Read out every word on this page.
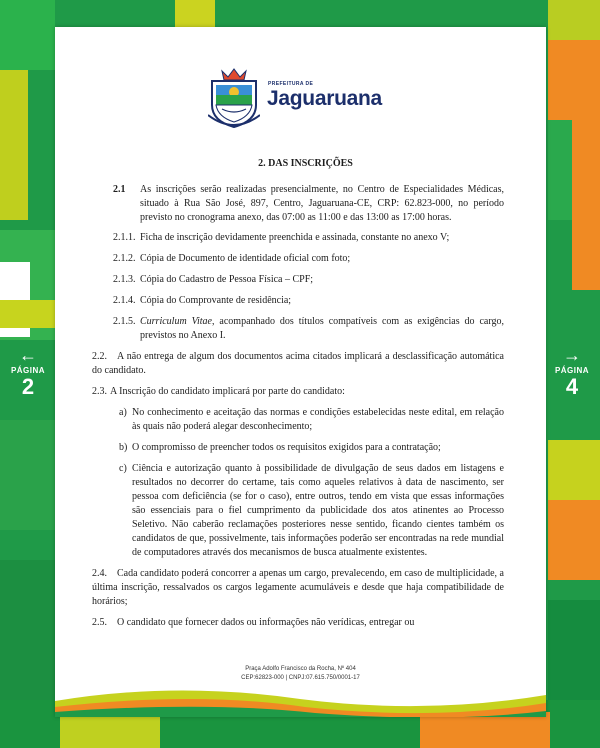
←
PÁGINA
2
→
PÁGINA
4
PREFEITURA DE
Jaguaruana
2. DAS INSCRIÇÕES
2.1 As inscrições serão realizadas presencialmente, no Centro de Especialidades Médicas, situado à Rua São José, 897, Centro, Jaguaruana-CE, CRP: 62.823-000, no período previsto no cronograma anexo, das 07:00 as 11:00 e das 13:00 as 17:00 horas.
2.1.1. Ficha de inscrição devidamente preenchida e assinada, constante no anexo V;
2.1.2. Cópia de Documento de identidade oficial com foto;
2.1.3. Cópia do Cadastro de Pessoa Física – CPF;
2.1.4. Cópia do Comprovante de residência;
2.1.5. Curriculum Vitae, acompanhado dos títulos compatíveis com as exigências do cargo, previstos no Anexo I.
2.2.	A não entrega de algum dos documentos acima citados implicará a desclassificação automática do candidato.
2.3. A Inscrição do candidato implicará por parte do candidato:
a) No conhecimento e aceitação das normas e condições estabelecidas neste edital, em relação às quais não poderá alegar desconhecimento;
b) O compromisso de preencher todos os requisitos exigidos para a contratação;
c) Ciência e autorização quanto à possibilidade de divulgação de seus dados em listagens e resultados no decorrer do certame, tais como aqueles relativos à data de nascimento, ser pessoa com deficiência (se for o caso), entre outros, tendo em vista que essas informações são essenciais para o fiel cumprimento da publicidade dos atos atinentes ao Processo Seletivo. Não caberão reclamações posteriores nesse sentido, ficando cientes também os candidatos de que, possivelmente, tais informações poderão ser encontradas na rede mundial de computadores através dos mecanismos de busca atualmente existentes.
2.4.	Cada candidato poderá concorrer a apenas um cargo, prevalecendo, em caso de multiplicidade, a última inscrição, ressalvados os cargos legamente acumuláveis e desde que haja compatibilidade de horários;
2.5.	O candidato que fornecer dados ou informações não verídicas, entregar ou
Praça Adolfo Francisco da Rocha, Nº 404
CEP:62823-000 | CNPJ:07.615.750/0001-17
